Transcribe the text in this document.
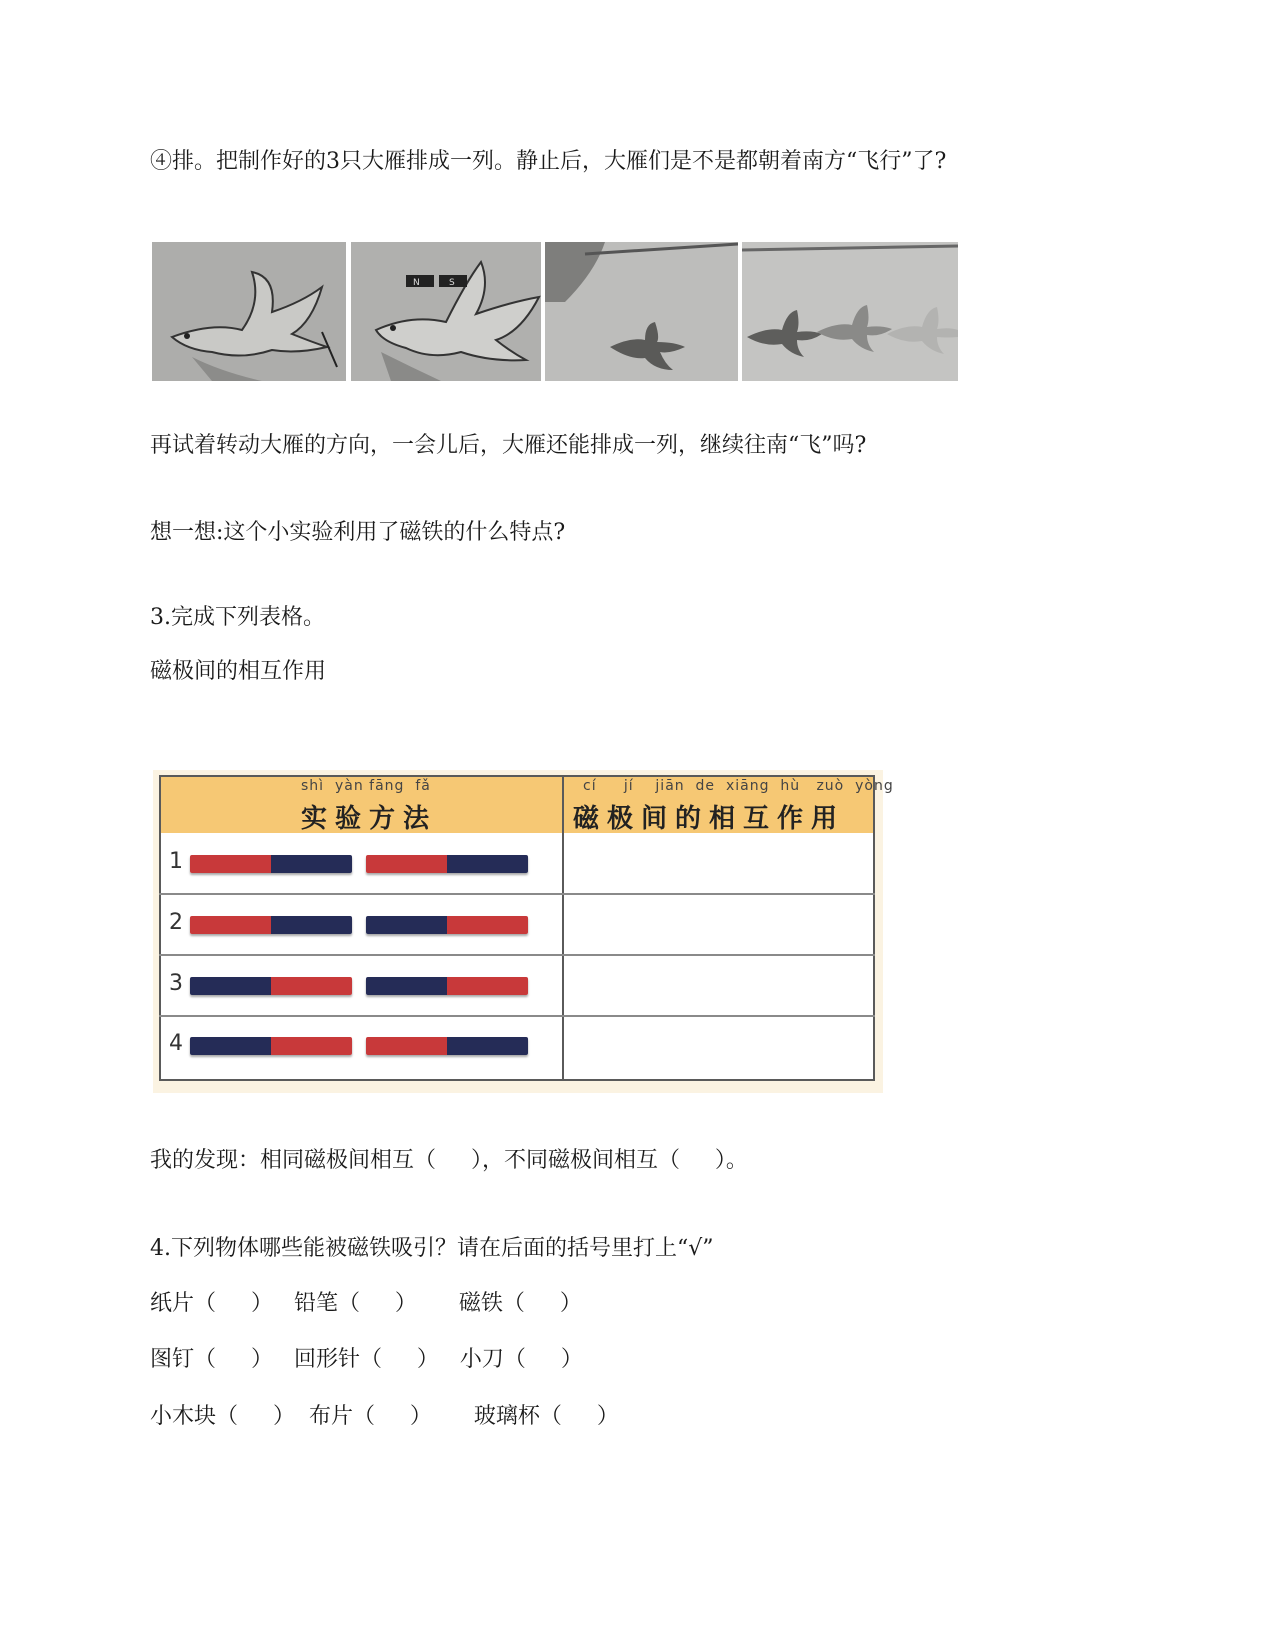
④排。把制作好的3只大雁排成一列。静止后，大雁们是不是都朝着南方“飞行”了?
N	S
再试着转动大雁的方向，一会儿后，大雁还能排成一列，继续往南“飞”吗?
想一想:这个小实验利用了磁铁的什么特点?
3.完成下列表格。
磁极间的相互作用
shì  yàn fāng  fǎ
实验方法
cí     jí    jiān  de  xiāng  hù   zuò  yòng
磁极间的相互作用
1
2
3
4
我的发现：相同磁极间相互（     ），不同磁极间相互（     ）。
4.下列物体哪些能被磁铁吸引？请在后面的括号里打上“√”
纸片（     ）   铅笔（     ）      磁铁（     ）
图钉（     ）   回形针（     ）   小刀（     ）
小木块（     ）  布片（     ）      玻璃杯（     ）
